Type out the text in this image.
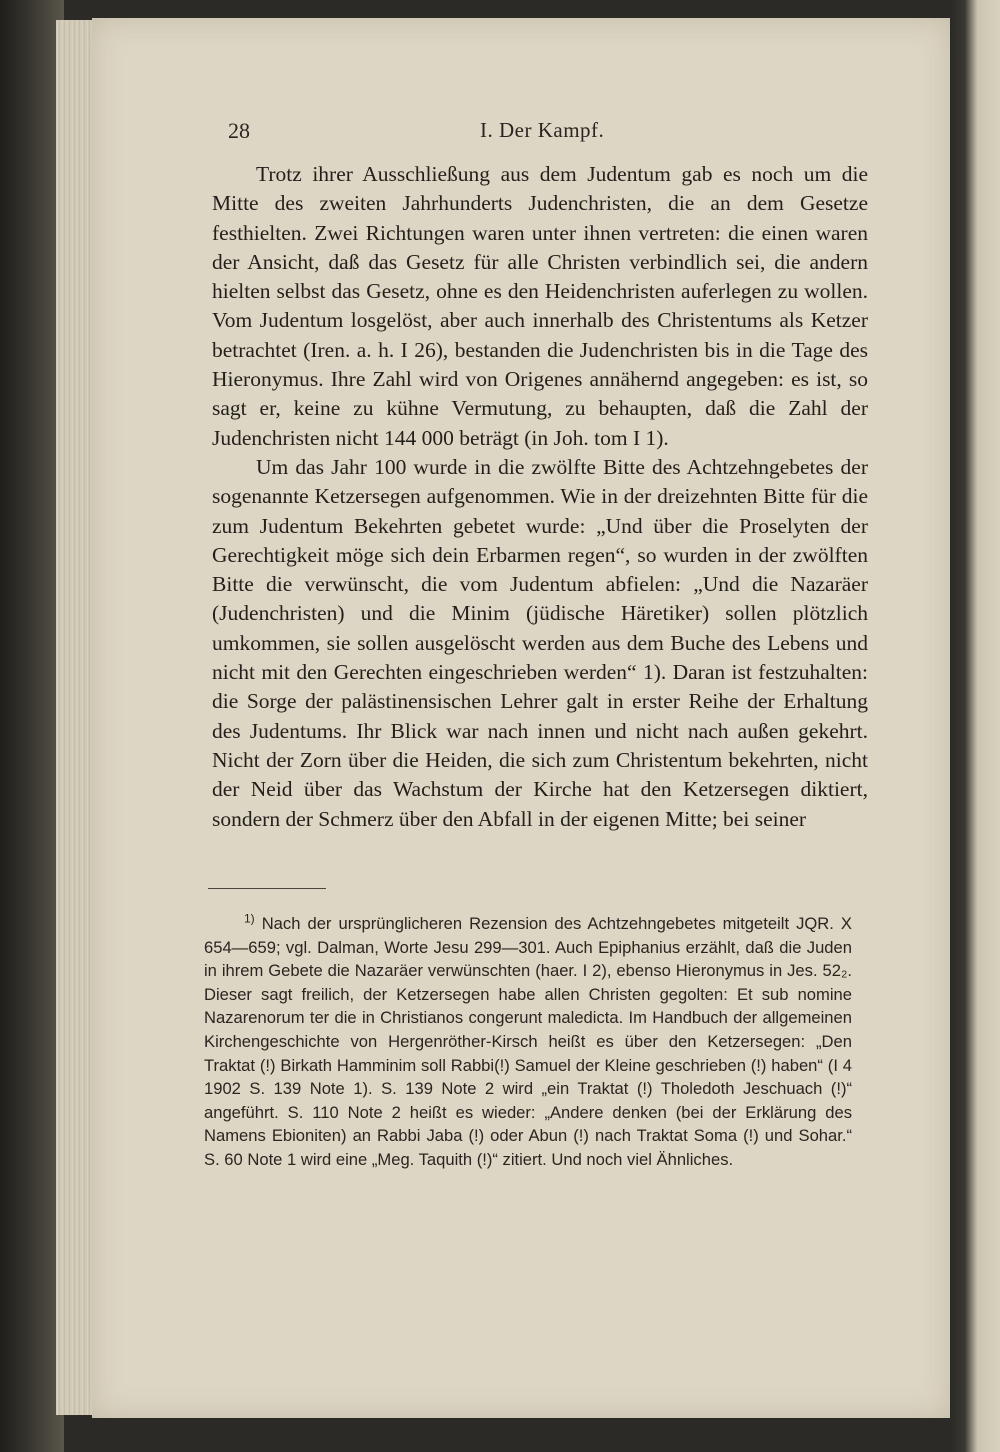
28	I. Der Kampf.

Trotz ihrer Ausschließung aus dem Judentum gab es noch um die Mitte des zweiten Jahrhunderts Judenchristen, die an dem Gesetze festhielten. Zwei Richtungen waren unter ihnen vertreten: die einen waren der Ansicht, daß das Gesetz für alle Christen verbindlich sei, die andern hielten selbst das Gesetz, ohne es den Heidenchristen auferlegen zu wollen. Vom Judentum losgelöst, aber auch innerhalb des Christentums als Ketzer betrachtet (Iren. a. h. I 26), bestanden die Judenchristen bis in die Tage des Hieronymus. Ihre Zahl wird von Origenes annähernd angegeben: es ist, so sagt er, keine zu kühne Vermutung, zu behaupten, daß die Zahl der Judenchristen nicht 144 000 beträgt (in Joh. tom I 1).

Um das Jahr 100 wurde in die zwölfte Bitte des Achtzehngebetes der sogenannte Ketzersegen aufgenommen. Wie in der dreizehnten Bitte für die zum Judentum Bekehrten gebetet wurde: „Und über die Proselyten der Gerechtigkeit möge sich dein Erbarmen regen“, so wurden in der zwölften Bitte die verwünscht, die vom Judentum abfielen: „Und die Nazaräer (Judenchristen) und die Minim (jüdische Häretiker) sollen plötzlich umkommen, sie sollen ausgelöscht werden aus dem Buche des Lebens und nicht mit den Gerechten eingeschrieben werden“ 1). Daran ist festzuhalten: die Sorge der palästinensischen Lehrer galt in erster Reihe der Erhaltung des Judentums. Ihr Blick war nach innen und nicht nach außen gekehrt. Nicht der Zorn über die Heiden, die sich zum Christentum bekehrten, nicht der Neid über das Wachstum der Kirche hat den Ketzersegen diktiert, sondern der Schmerz über den Abfall in der eigenen Mitte; bei seiner

$^{1)}$ Nach der ursprünglicheren Rezension des Achtzehngebetes mitgeteilt JQR. X 654—659; vgl. Dalman, Worte Jesu 299—301. Auch Epiphanius erzählt, daß die Juden in ihrem Gebete die Nazaräer verwünschten (haer. I 2), ebenso Hieronymus in Jes. 52₂. Dieser sagt freilich, der Ketzersegen habe allen Christen gegolten: Et sub nomine Nazarenorum ter die in Christianos congerunt maledicta. Im Handbuch der allgemeinen Kirchengeschichte von Hergenröther-Kirsch heißt es über den Ketzersegen: „Den Traktat (!) Birkath Hamminim soll Rabbi(!) Samuel der Kleine geschrieben (!) haben“ (I 4 1902 S. 139 Note 1). S. 139 Note 2 wird „ein Traktat (!) Tholedoth Jeschuach (!)“ angeführt. S. 110 Note 2 heißt es wieder: „Andere denken (bei der Erklärung des Namens Ebioniten) an Rabbi Jaba (!) oder Abun (!) nach Traktat Soma (!) und Sohar.“ S. 60 Note 1 wird eine „Meg. Taquith (!)“ zitiert. Und noch viel Ähnliches.
